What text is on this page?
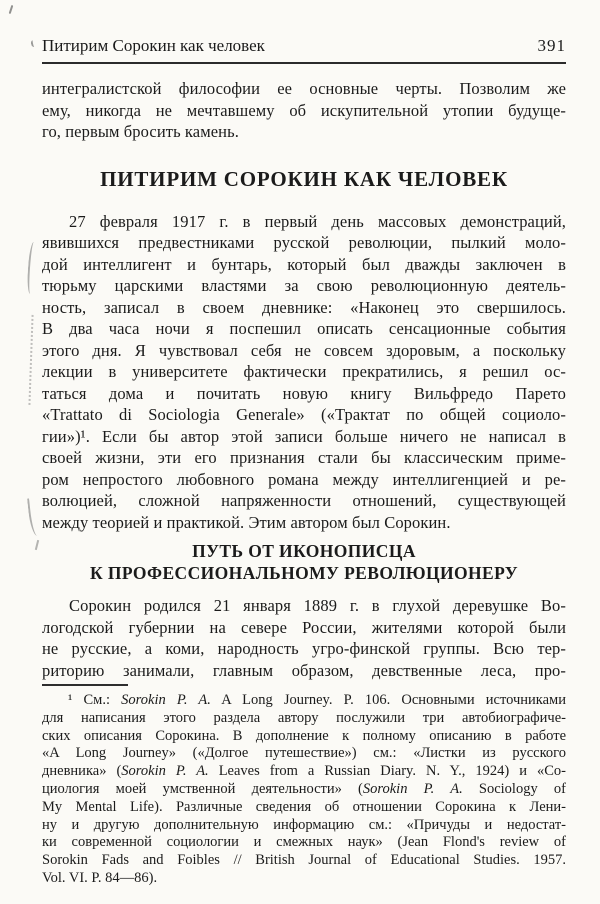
Питирим Сорокин как человек	391
интегралистской философии ее основные черты. Позволим же
ему, никогда не мечтавшему об искупительной утопии будуще-
го, первым бросить камень.
ПИТИРИМ СОРОКИН КАК ЧЕЛОВЕК
27 февраля 1917 г. в первый день массовых демонстраций,
явившихся предвестниками русской революции, пылкий моло-
дой интеллигент и бунтарь, который был дважды заключен в
тюрьму царскими властями за свою революционную деятель-
ность, записал в своем дневнике: «Наконец это свершилось.
В два часа ночи я поспешил описать сенсационные события
этого дня. Я чувствовал себя не совсем здоровым, а поскольку
лекции в университете фактически прекратились, я решил ос-
таться дома и почитать новую книгу Вильфредо Парето
«Trattato di Sociologia Generale» («Трактат по общей социоло-
гии»)¹. Если бы автор этой записи больше ничего не написал в
своей жизни, эти его признания стали бы классическим приме-
ром непростого любовного романа между интеллигенцией и ре-
волюцией, сложной напряженности отношений, существующей
между теорией и практикой. Этим автором был Сорокин.
ПУТЬ ОТ ИКОНОПИСЦА
К ПРОФЕССИОНАЛЬНОМУ РЕВОЛЮЦИОНЕРУ
Сорокин родился 21 января 1889 г. в глухой деревушке Во-
логодской губернии на севере России, жителями которой были
не русские, а коми, народность угро-финской группы. Всю тер-
риторию занимали, главным образом, девственные леса, про-
¹ См.: Sorokin P. A. A Long Journey. P. 106. Основными источниками
для написания этого раздела автору послужили три автобиографиче-
ских описания Сорокина. В дополнение к полному описанию в работе
«A Long Journey» («Долгое путешествие») см.: «Листки из русского
дневника» (Sorokin P. A. Leaves from a Russian Diary. N. Y., 1924) и «Со-
циология моей умственной деятельности» (Sorokin P. A. Sociology of
My Mental Life). Различные сведения об отношении Сорокина к Лени-
ну и другую дополнительную информацию см.: «Причуды и недостат-
ки современной социологии и смежных наук» (Jean Flond's review of
Sorokin Fads and Foibles // British Journal of Educational Studies. 1957.
Vol. VI. P. 84—86).
